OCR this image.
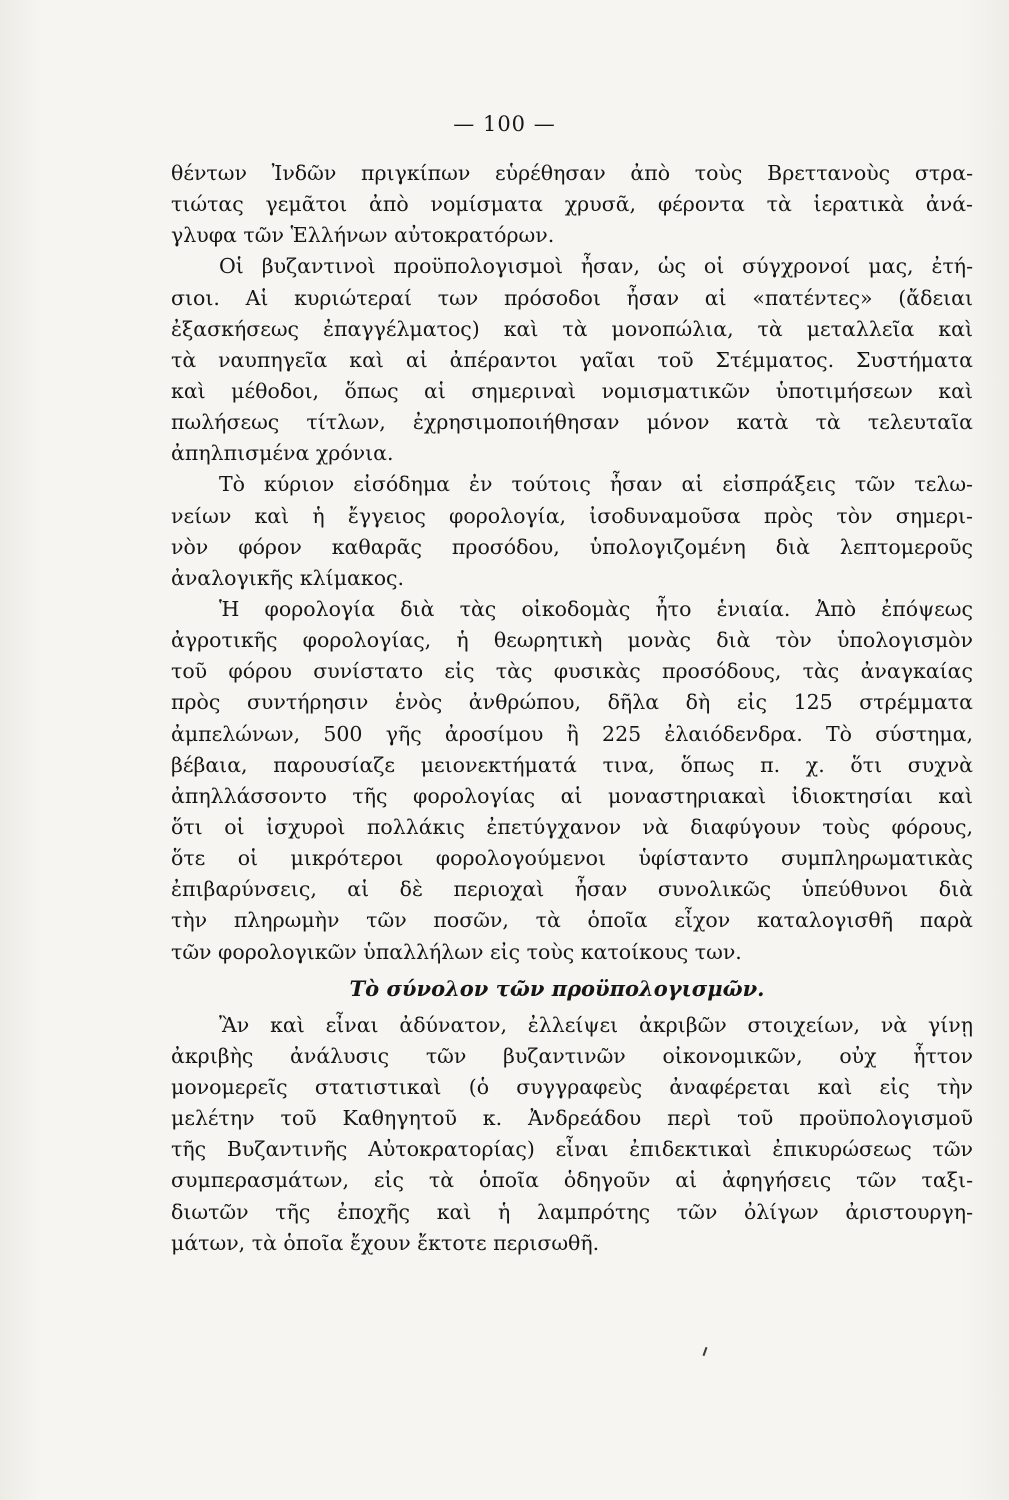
— 100 —
θέντων Ἰνδῶν πριγκίπων εὑρέθησαν ἀπὸ τοὺς Βρεττανοὺς στρα-
τιώτας γεμᾶτοι ἀπὸ νομίσματα χρυσᾶ, φέροντα τὰ ἱερατικὰ ἀνά-
γλυφα τῶν Ἑλλήνων αὐτοκρατόρων.
Οἱ βυζαντινοὶ προϋπολογισμοὶ ἦσαν, ὡς οἱ σύγχρονοί μας, ἐτή-
σιοι. Αἱ κυριώτεραί των πρόσοδοι ἦσαν αἱ «πατέντες» (ἄδειαι
ἐξασκήσεως ἐπαγγέλματος) καὶ τὰ μονοπώλια, τὰ μεταλλεῖα καὶ
τὰ ναυπηγεῖα καὶ αἱ ἀπέραντοι γαῖαι τοῦ Στέμματος. Συστήματα
καὶ μέθοδοι, ὅπως αἱ σημεριναὶ νομισματικῶν ὑποτιμήσεων καὶ
πωλήσεως τίτλων, ἐχρησιμοποιήθησαν μόνον κατὰ τὰ τελευταῖα
ἀπηλπισμένα χρόνια.
Τὸ κύριον εἰσόδημα ἐν τούτοις ἦσαν αἱ εἰσπράξεις τῶν τελω-
νείων καὶ ἡ ἔγγειος φορολογία, ἰσοδυναμοῦσα πρὸς τὸν σημερι-
νὸν φόρον καθαρᾶς προσόδου, ὑπολογιζομένη διὰ λεπτομεροῦς
ἀναλογικῆς κλίμακος.
Ἡ φορολογία διὰ τὰς οἰκοδομὰς ἦτο ἑνιαία. Ἀπὸ ἐπόψεως
ἀγροτικῆς φορολογίας, ἡ θεωρητικὴ μονὰς διὰ τὸν ὑπολογισμὸν
τοῦ φόρου συνίστατο εἰς τὰς φυσικὰς προσόδους, τὰς ἀναγκαίας
πρὸς συντήρησιν ἑνὸς ἀνθρώπου, δῆλα δὴ εἰς 125 στρέμματα
ἀμπελώνων, 500 γῆς ἀροσίμου ἢ 225 ἐλαιόδενδρα. Τὸ σύστημα,
βέβαια, παρουσίαζε μειονεκτήματά τινα, ὅπως π. χ. ὅτι συχνὰ
ἀπηλλάσσοντο τῆς φορολογίας αἱ μοναστηριακαὶ ἰδιοκτησίαι καὶ
ὅτι οἱ ἰσχυροὶ πολλάκις ἐπετύγχανον νὰ διαφύγουν τοὺς φόρους,
ὅτε οἱ μικρότεροι φορολογούμενοι ὑφίσταντο συμπληρωματικὰς
ἐπιβαρύνσεις, αἱ δὲ περιοχαὶ ἦσαν συνολικῶς ὑπεύθυνοι διὰ
τὴν πληρωμὴν τῶν ποσῶν, τὰ ὁποῖα εἶχον καταλογισθῆ παρὰ
τῶν φορολογικῶν ὑπαλλήλων εἰς τοὺς κατοίκους των.
Τὸ σύνολον τῶν προϋπολογισμῶν.
Ἂν καὶ εἶναι ἀδύνατον, ἐλλείψει ἀκριβῶν στοιχείων, νὰ γίνῃ
ἀκριβὴς ἀνάλυσις τῶν βυζαντινῶν οἰκονομικῶν, οὐχ ἧττον
μονομερεῖς στατιστικαὶ (ὁ συγγραφεὺς ἀναφέρεται καὶ εἰς τὴν
μελέτην τοῦ Καθηγητοῦ κ. Ἀνδρεάδου περὶ τοῦ προϋπολογισμοῦ
τῆς Βυζαντινῆς Αὐτοκρατορίας) εἶναι ἐπιδεκτικαὶ ἐπικυρώσεως τῶν
συμπερασμάτων, εἰς τὰ ὁποῖα ὁδηγοῦν αἱ ἀφηγήσεις τῶν ταξι-
διωτῶν τῆς ἐποχῆς καὶ ἡ λαμπρότης τῶν ὀλίγων ἀριστουργη-
μάτων, τὰ ὁποῖα ἔχουν ἔκτοτε περισωθῆ.
